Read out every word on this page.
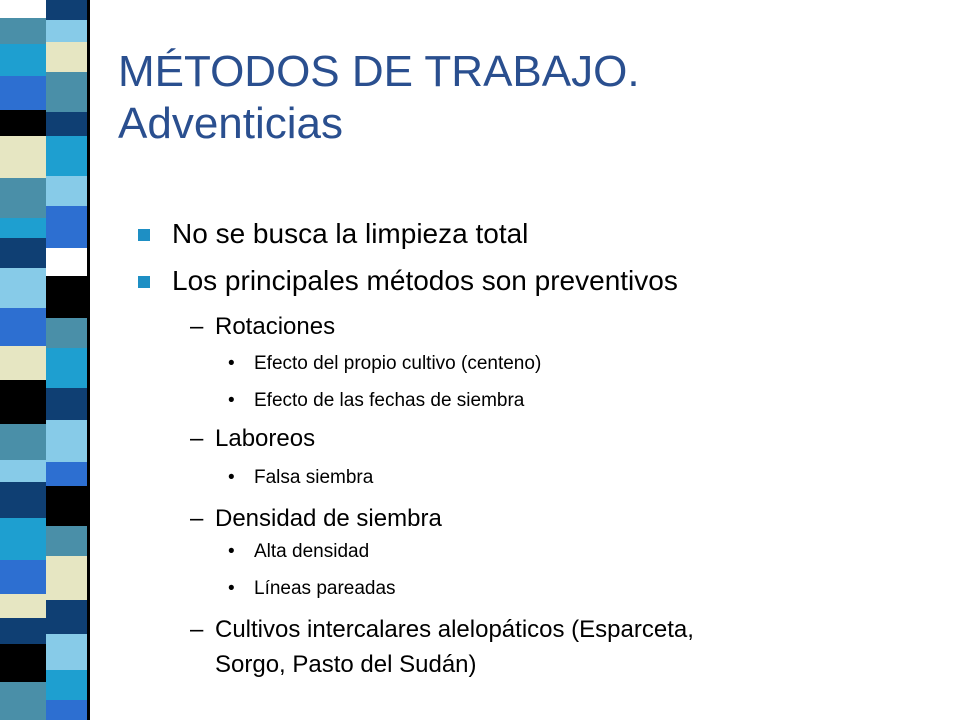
MÉTODOS DE TRABAJO.
Adventicias
No se busca la limpieza total
Los principales métodos son preventivos
– Rotaciones
• Efecto del propio cultivo (centeno)
• Efecto de las fechas de siembra
– Laboreos
• Falsa siembra
– Densidad de siembra
• Alta densidad
• Líneas pareadas
– Cultivos intercalares alelopáticos (Esparceta,
Sorgo, Pasto del Sudán)
